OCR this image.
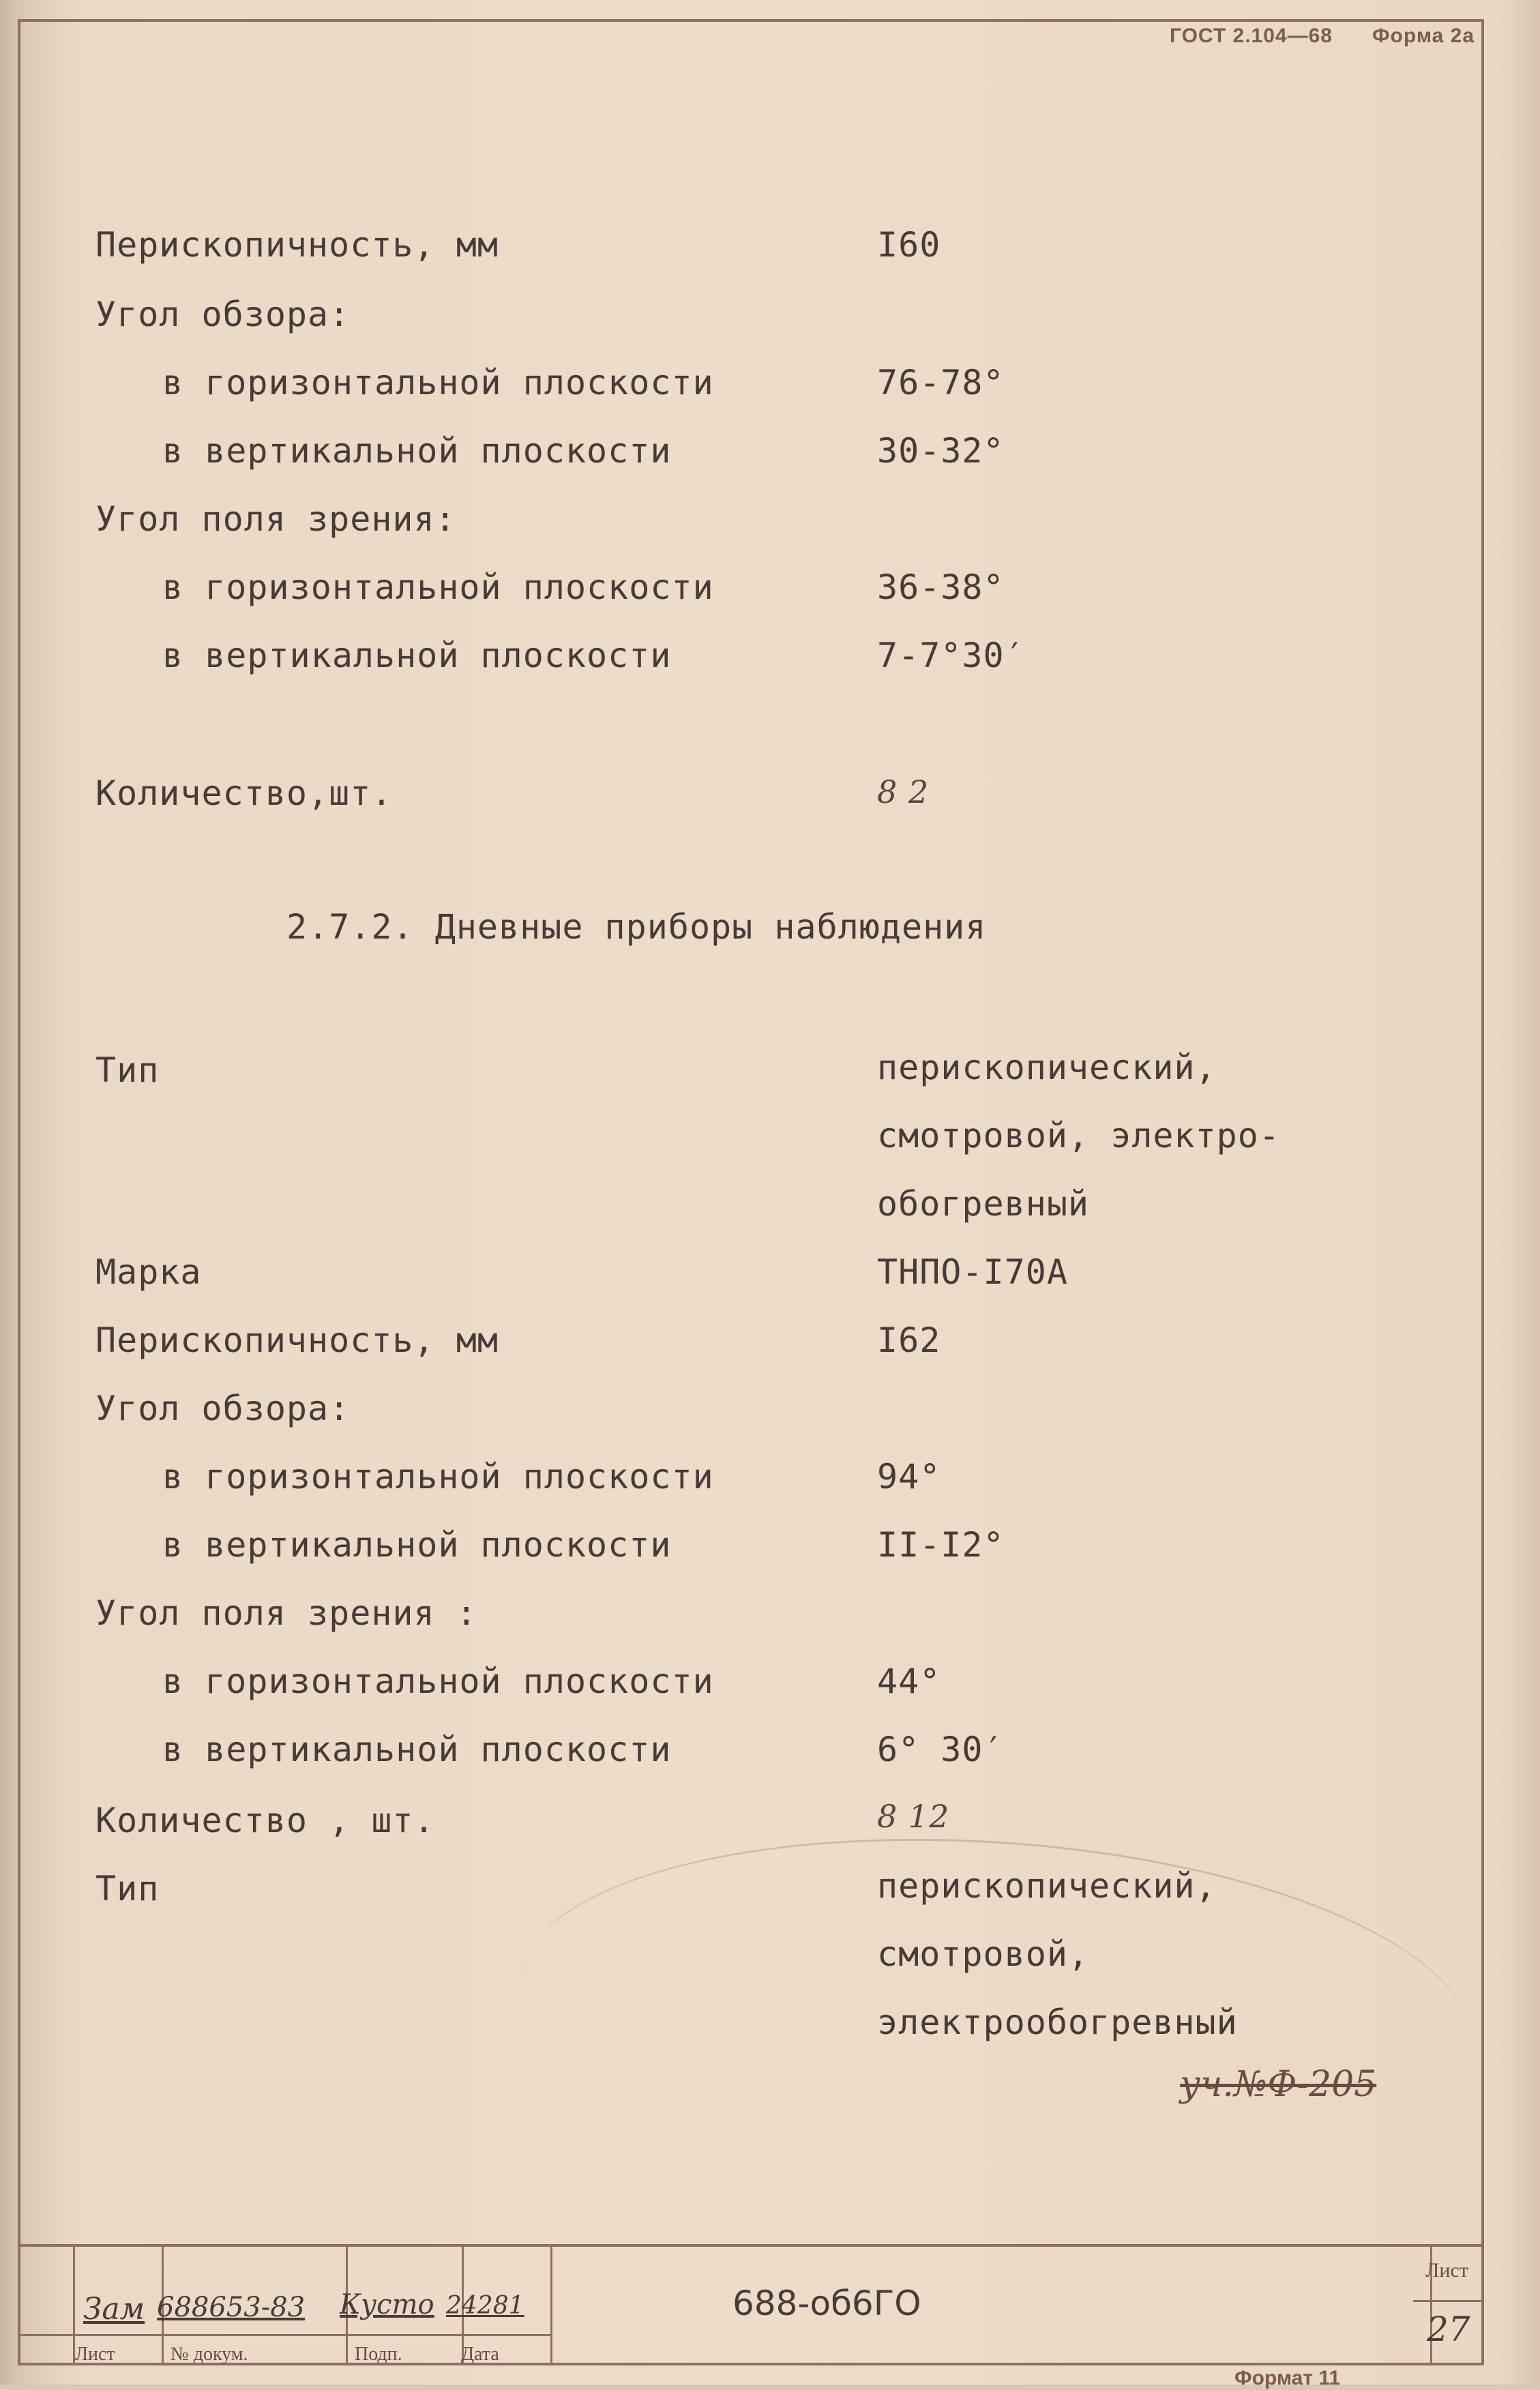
ГОСТ 2.104—68 Форма 2а
Перископичность, мм	I60
Угол обзора:
в горизонтальной плоскости	76-78°
в вертикальной плоскости	30-32°
Угол поля зрения:
в горизонтальной плоскости	36-38°
в вертикальной плоскости	7-7°30′
Количество,шт.	8 2
2.7.2. Дневные приборы наблюдения
Тип	перископический,
смотровой, электро-
обогревный
Марка	ТНПО-I70А
Перископичность, мм	I62
Угол обзора:
в горизонтальной плоскости	94°
в вертикальной плоскости	II-I2°
Угол поля зрения :
в горизонтальной плоскости	44°
в вертикальной плоскости	6° 30′
Количество , шт.	8 12
Тип	перископический,
смотровой,
электрообогревный
уч.№Ф-205
Зам 688653-83 Кусто 24281
Лист	№ докум.	Подп.	Дата
688-об6ГО
Лист
27
Формат 11
